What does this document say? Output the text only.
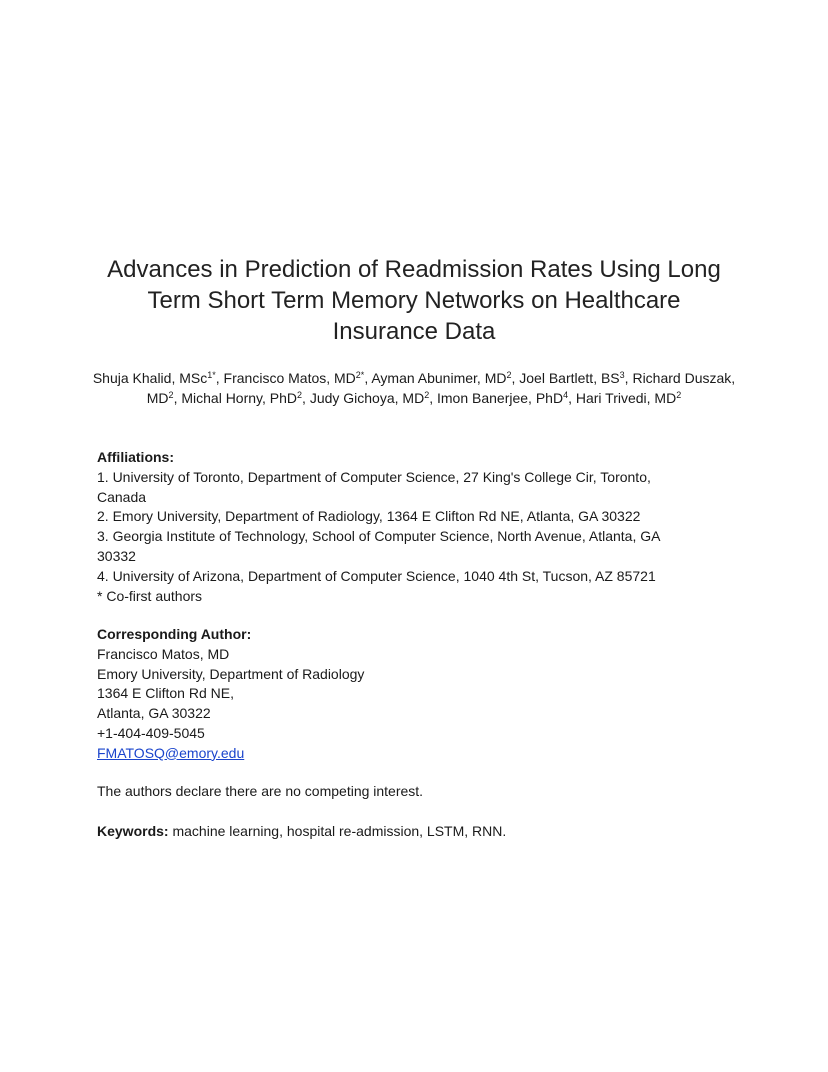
Advances in Prediction of Readmission Rates Using Long
Term Short Term Memory Networks on Healthcare
Insurance Data
Shuja Khalid, MSc$^{1*}$, Francisco Matos, $MD^{2*}$, Ayman Abunimer, $MD^2$, Joel Bartlett, $BS^3$, Richard Duszak, $MD^2$, Michal Horny, PhD$^2$, Judy Gichoya, $MD^2$, Imon Banerjee, PhD$^4$, Hari Trivedi, $MD^2$
Affiliations:
1. University of Toronto, Department of Computer Science, 27 King's College Cir, Toronto,
Canada
2. Emory University, Department of Radiology, 1364 E Clifton Rd NE, Atlanta, GA 30322
3. Georgia Institute of Technology, School of Computer Science, North Avenue, Atlanta, GA
30332
4. University of Arizona, Department of Computer Science, 1040 4th St, Tucson, AZ 85721
* Co-first authors
Corresponding Author:
Francisco Matos, MD
Emory University, Department of Radiology
1364 E Clifton Rd NE,
Atlanta, GA 30322
+1-404-409-5045
FMATOSQ@emory.edu
The authors declare there are no competing interest.
Keywords: machine learning, hospital re-admission, LSTM, RNN.
